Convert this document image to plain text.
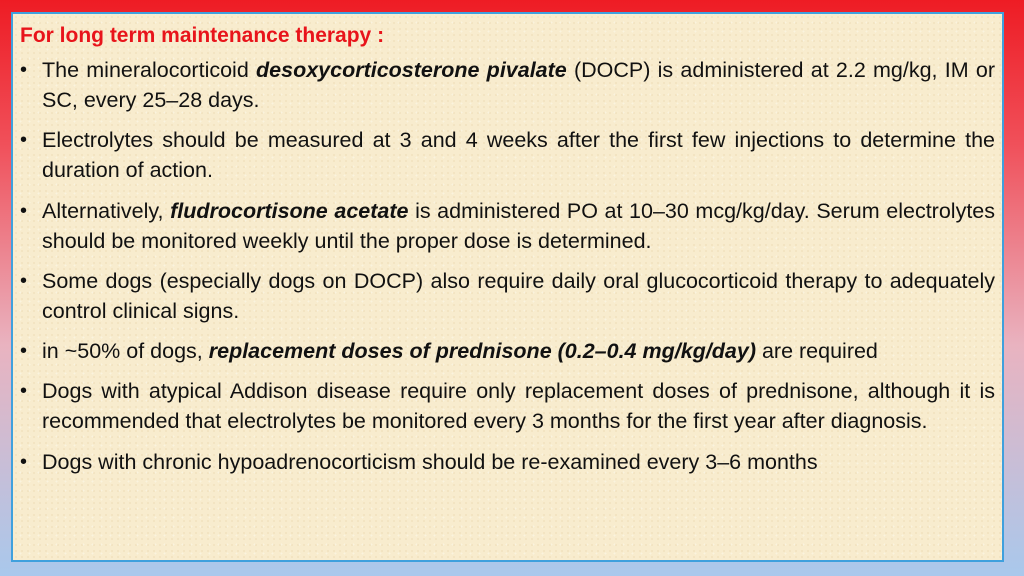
For long term maintenance therapy :
• The mineralocorticoid desoxycorticosterone pivalate (DOCP) is administered at 2.2 mg/kg, IM or SC, every 25–28 days.
• Electrolytes should be measured at 3 and 4 weeks after the first few injections to determine the duration of action.
• Alternatively, fludrocortisone acetate is administered PO at 10–30 mcg/kg/day. Serum electrolytes should be monitored weekly until the proper dose is determined.
• Some dogs (especially dogs on DOCP) also require daily oral glucocorticoid therapy to adequately control clinical signs.
• in ~50% of dogs, replacement doses of prednisone (0.2–0.4 mg/kg/day) are required
• Dogs with atypical Addison disease require only replacement doses of prednisone, although it is recommended that electrolytes be monitored every 3 months for the first year after diagnosis.
• Dogs with chronic hypoadrenocorticism should be re-examined every 3–6 months
